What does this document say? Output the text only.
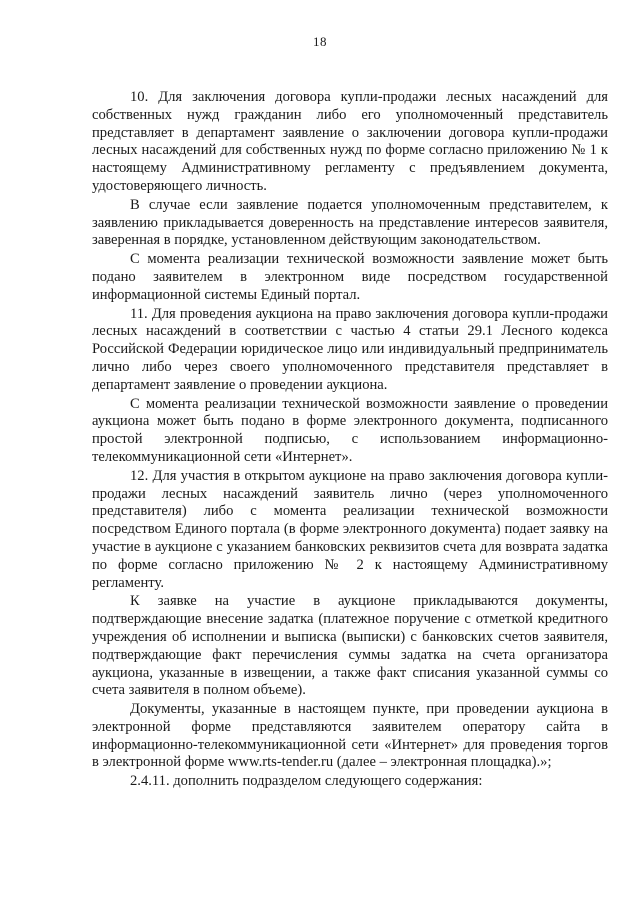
18

10. Для заключения договора купли-продажи лесных насаждений для собственных нужд гражданин либо его уполномоченный представитель представляет в департамент заявление о заключении договора купли-продажи лесных насаждений для собственных нужд по форме согласно приложению № 1 к настоящему Административному регламенту с предъявлением документа, удостоверяющего личность.

В случае если заявление подается уполномоченным представителем, к заявлению прикладывается доверенность на представление интересов заявителя, заверенная в порядке, установленном действующим законодательством.

С момента реализации технической возможности заявление может быть подано заявителем в электронном виде посредством государственной информационной системы Единый портал.

11. Для проведения аукциона на право заключения договора купли-продажи лесных насаждений в соответствии с частью 4 статьи 29.1 Лесного кодекса Российской Федерации юридическое лицо или индивидуальный предприниматель лично либо через своего уполномоченного представителя представляет в департамент заявление о проведении аукциона.

С момента реализации технической возможности заявление о проведении аукциона может быть подано в форме электронного документа, подписанного простой электронной подписью, с использованием информационно-телекоммуникационной сети «Интернет».

12. Для участия в открытом аукционе на право заключения договора купли-продажи лесных насаждений заявитель лично (через уполномоченного представителя) либо с момента реализации технической возможности посредством Единого портала (в форме электронного документа) подает заявку на участие в аукционе с указанием банковских реквизитов счета для возврата задатка по форме согласно приложению № 2 к настоящему Административному регламенту.

К заявке на участие в аукционе прикладываются документы, подтверждающие внесение задатка (платежное поручение с отметкой кредитного учреждения об исполнении и выписка (выписки) с банковских счетов заявителя, подтверждающие факт перечисления суммы задатка на счета организатора аукциона, указанные в извещении, а также факт списания указанной суммы со счета заявителя в полном объеме).

Документы, указанные в настоящем пункте, при проведении аукциона в электронной форме представляются заявителем оператору сайта в информационно-телекоммуникационной сети «Интернет» для проведения торгов в электронной форме www.rts-tender.ru (далее – электронная площадка).»;

2.4.11. дополнить подразделом следующего содержания:
